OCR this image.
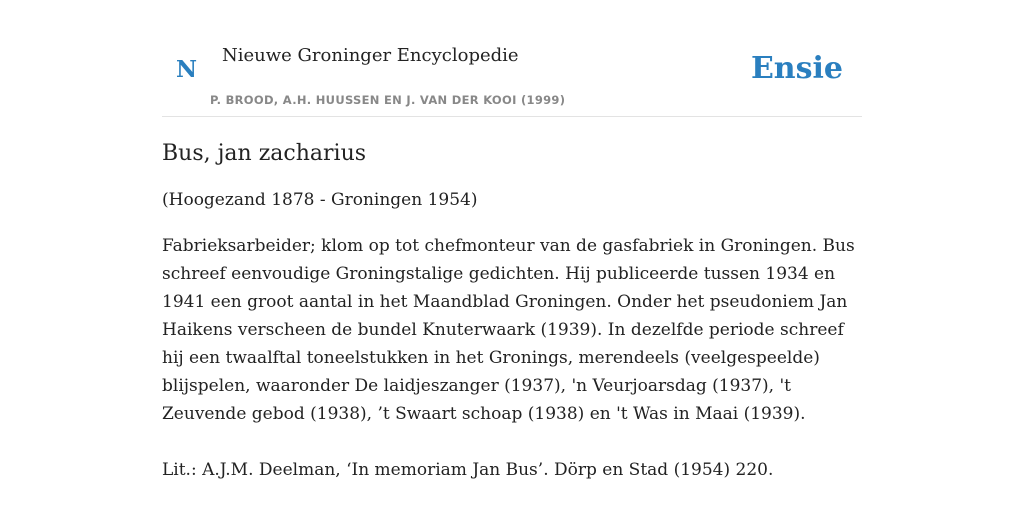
N
Nieuwe Groninger Encyclopedie
P. BROOD, A.H. HUUSSEN EN J. VAN DER KOOI (1999)
Ensie
Bus, jan zacharius

(Hoogezand 1878 - Groningen 1954)

Fabrieksarbeider; klom op tot chefmonteur van de gasfabriek in Groningen. Bus schreef eenvoudige Groningstalige gedichten. Hij publiceerde tussen 1934 en 1941 een groot aantal in het Maandblad Groningen. Onder het pseudoniem Jan Haikens verscheen de bundel Knuterwaark (1939). In dezelfde periode schreef hij een twaalftal toneelstukken in het Gronings, merendeels (veelgespeelde) blijspelen, waaronder De laidjeszanger (1937), 'n Veurjoarsdag (1937), 't Zeuvende gebod (1938), ’t Swaart schoap (1938) en 't Was in Maai (1939).

Lit.: A.J.M. Deelman, ‘In memoriam Jan Bus’. Dörp en Stad (1954) 220.
